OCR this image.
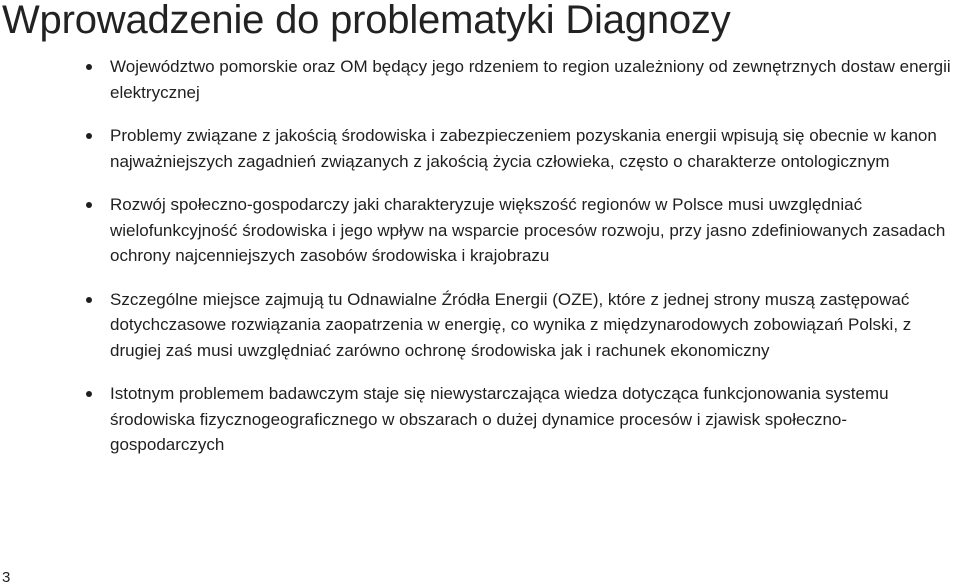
Wprowadzenie do problematyki Diagnozy
Województwo pomorskie oraz OM będący jego rdzeniem to region uzależniony od zewnętrznych dostaw energii elektrycznej
Problemy związane z jakością środowiska i zabezpieczeniem pozyskania energii wpisują się obecnie w kanon najważniejszych zagadnień związanych z jakością życia człowieka, często o charakterze ontologicznym
Rozwój społeczno-gospodarczy jaki charakteryzuje większość regionów w Polsce musi uwzględniać wielofunkcyjność środowiska i jego wpływ na wsparcie procesów rozwoju, przy jasno zdefiniowanych zasadach ochrony najcenniejszych zasobów środowiska i krajobrazu
Szczególne miejsce zajmują tu Odnawialne Źródła Energii (OZE), które z jednej strony muszą zastępować dotychczasowe rozwiązania zaopatrzenia w energię, co wynika z międzynarodowych zobowiązań Polski, z drugiej zaś musi uwzględniać zarówno ochronę środowiska jak i rachunek ekonomiczny
Istotnym problemem badawczym staje się niewystarczająca wiedza dotycząca funkcjonowania systemu środowiska fizycznogeograficznego w obszarach o dużej dynamice procesów i zjawisk społeczno-gospodarczych
3
